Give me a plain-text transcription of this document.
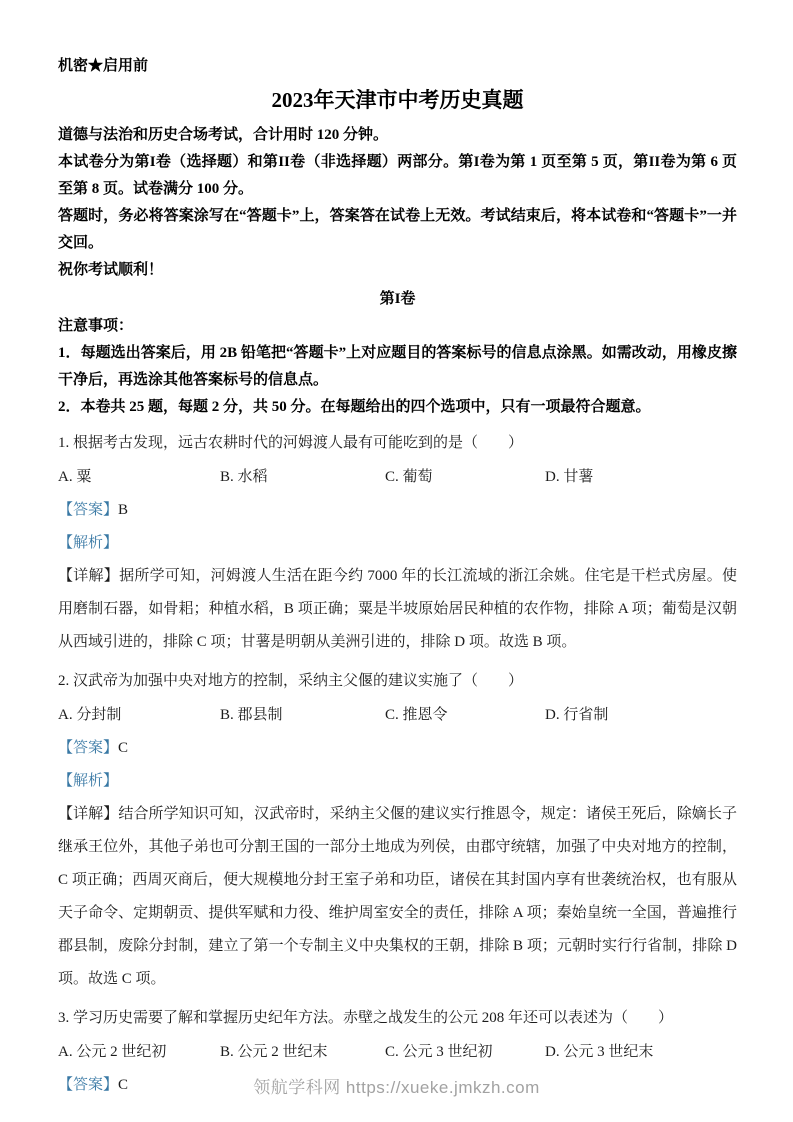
机密★启用前
2023年天津市中考历史真题

道德与法治和历史合场考试，合计用时 120 分钟。

本试卷分为第I卷（选择题）和第II卷（非选择题）两部分。第I卷为第 1 页至第 5 页，第II卷为第 6 页至第 8 页。试卷满分 100 分。

答题时，务必将答案涂写在“答题卡”上，答案答在试卷上无效。考试结束后，将本试卷和“答题卡”一并交回。

祝你考试顺利！

第I卷
注意事项：

1．每题选出答案后，用 2B 铅笔把“答题卡”上对应题目的答案标号的信息点涂黑。如需改动，用橡皮擦干净后，再选涂其他答案标号的信息点。

2．本卷共 25 题，每题 2 分，共 50 分。在每题给出的四个选项中，只有一项最符合题意。

1. 根据考古发现，远古农耕时代的河姆渡人最有可能吃到的是（　　）
A. 粟	B. 水稻	C. 葡萄	D. 甘薯
【答案】B
【解析】
【详解】据所学可知，河姆渡人生活在距今约 7000 年的长江流域的浙江余姚。住宅是干栏式房屋。使用磨制石器，如骨耜；种植水稻，B 项正确；粟是半坡原始居民种植的农作物，排除 A 项；葡萄是汉朝从西域引进的，排除 C 项；甘薯是明朝从美洲引进的，排除 D 项。故选 B 项。
2. 汉武帝为加强中央对地方的控制，采纳主父偃的建议实施了（　　）
A. 分封制	B. 郡县制	C. 推恩令	D. 行省制
【答案】C
【解析】
【详解】结合所学知识可知，汉武帝时，采纳主父偃的建议实行推恩令，规定：诸侯王死后，除嫡长子继承王位外，其他子弟也可分割王国的一部分土地成为列侯，由郡守统辖，加强了中央对地方的控制，C 项正确；西周灭商后，便大规模地分封王室子弟和功臣，诸侯在其封国内享有世袭统治权，也有服从天子命令、定期朝贡、提供军赋和力役、维护周室安全的责任，排除 A 项；秦始皇统一全国，普遍推行郡县制，废除分封制，建立了第一个专制主义中央集权的王朝，排除 B 项；元朝时实行行省制，排除 D 项。故选 C 项。
3. 学习历史需要了解和掌握历史纪年方法。赤壁之战发生的公元 208 年还可以表述为（　　）
A. 公元 2 世纪初	B. 公元 2 世纪末	C. 公元 3 世纪初	D. 公元 3 世纪末
【答案】C	领航学科网 https://xueke.jmkzh.com
